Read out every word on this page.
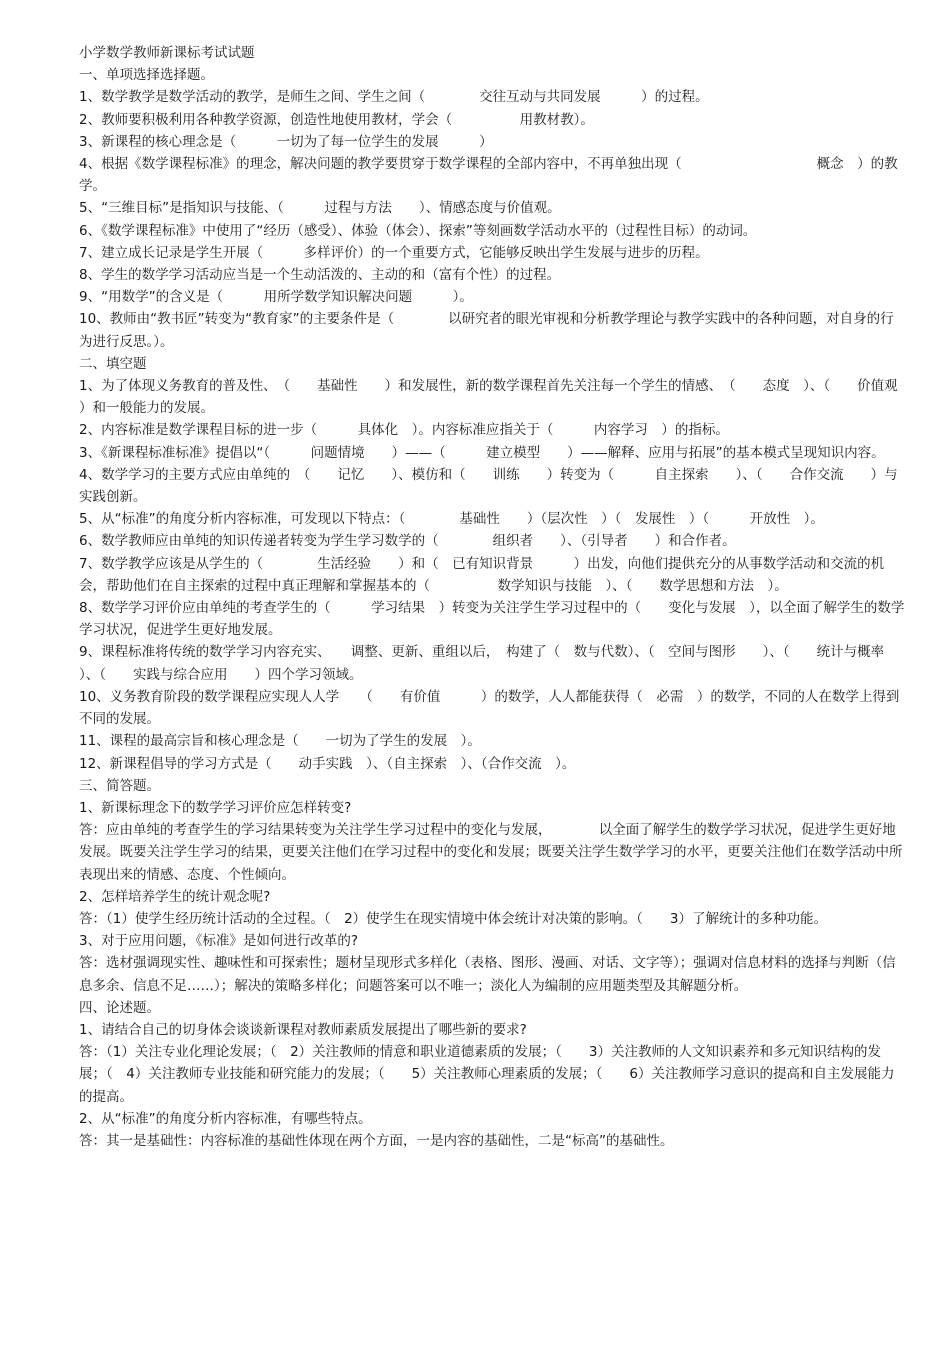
小学数学教师新课标考试试题
一、单项选择选择题。
1、数学教学是数学活动的教学，是师生之间、学生之间（　　　　交往互动与共同发展　　　）的过程。
2、教师要积极利用各种教学资源，创造性地使用教材，学会（　　　　　用教材教）。
3、新课程的核心理念是（　　　一切为了每一位学生的发展　　　）
4、根据《数学课程标准》的理念，解决问题的教学要贯穿于数学课程的全部内容中，不再单独出现（　　　　　　　　　　概念　）的教学。
5、“三维目标”是指知识与技能、（　　　过程与方法　　）、情感态度与价值观。
6、《数学课程标准》中使用了“经历（感受）、体验（体会）、探索”等刻画数学活动水平的（过程性目标）的动词。
7、建立成长记录是学生开展（　　　多样评价）的一个重要方式，它能够反映出学生发展与进步的历程。
8、学生的数学学习活动应当是一个生动活泼的、主动的和（富有个性）的过程。
9、“用数学”的含义是（　　　用所学数学知识解决问题　　　）。
10、教师由“教书匠”转变为“教育家”的主要条件是（　　　　以研究者的眼光审视和分析教学理论与教学实践中的各种问题，对自身的行为进行反思。）。
二、填空题
1、为了体现义务教育的普及性、　（　　基础性　　）和发展性，新的数学课程首先关注每一个学生的情感、　（　　态度　）、（　　价值观　　）和一般能力的发展。
2、内容标准是数学课程目标的进一步（　　　具体化　）。内容标准应指关于（　　　内容学习　）的指标。
3、《新课程标准标准》提倡以“（　　　问题情境　　）——（　　　建立模型　　）——解释、应用与拓展”的基本模式呈现知识内容。
4、数学学习的主要方式应由单纯的　（　　记忆　　）、模仿和（　　训练　　）转变为（　　　自主探索　　）、（　　合作交流　　）与实践创新。
5、从“标准”的角度分析内容标准，可发现以下特点：（　　　　基础性　　）（层次性　）（　发展性　）（　　　开放性　）。
6、数学教师应由单纯的知识传递者转变为学生学习数学的（　　　　组织者　　）、（引导者　　）和合作者。
7、数学教学应该是从学生的（　　　　生活经验　　）和（　已有知识背景　　　）出发，向他们提供充分的从事数学活动和交流的机会，帮助他们在自主探索的过程中真正理解和掌握基本的（　　　　　数学知识与技能　）、（　　数学思想和方法　）。
8、数学学习评价应由单纯的考查学生的（　　　学习结果　）转变为关注学生学习过程中的（　　变化与发展　），以全面了解学生的数学学习状况，促进学生更好地发展。
9、课程标准将传统的数学学习内容充实、　　调整、更新、重组以后，　构建了（　数与代数）、（　空间与图形　　）、（　　统计与概率　　）、（　　实践与综合应用　　）四个学习领域。
10、义务教育阶段的数学课程应实现人人学　　（　　有价值　　　）的数学，人人都能获得（　必需　）的数学，不同的人在数学上得到不同的发展。
11、课程的最高宗旨和核心理念是（　　一切为了学生的发展　）。
12、新课程倡导的学习方式是（　　动手实践　）、（自主探索　）、（合作交流　）。
三、简答题。
1、新课标理念下的数学学习评价应怎样转变?
答：应由单纯的考查学生的学习结果转变为关注学生学习过程中的变化与发展，　　　　以全面了解学生的数学学习状况，促进学生更好地发展。既要关注学生学习的结果，更要关注他们在学习过程中的变化和发展；既要关注学生数学学习的水平，更要关注他们在数学活动中所表现出来的情感、态度、个性倾向。
2、怎样培养学生的统计观念呢?
答：（1）使学生经历统计活动的全过程。（　2）使学生在现实情境中体会统计对决策的影响。（　　3）了解统计的多种功能。
3、对于应用问题，《标准》是如何进行改革的?
答：选材强调现实性、趣味性和可探索性；题材呈现形式多样化（表格、图形、漫画、对话、文字等）；强调对信息材料的选择与判断（信息多余、信息不足……）；解决的策略多样化；问题答案可以不唯一；淡化人为编制的应用题类型及其解题分析。
四、论述题。
1、请结合自己的切身体会谈谈新课程对教师素质发展提出了哪些新的要求?
答：（1）关注专业化理论发展；（　2）关注教师的情意和职业道德素质的发展；（　　3）关注教师的人文知识素养和多元知识结构的发展；（　4）关注教师专业技能和研究能力的发展；（　　5）关注教师心理素质的发展；（　　6）关注教师学习意识的提高和自主发展能力的提高。
2、从“标准”的角度分析内容标准，有哪些特点。
答：其一是基础性：内容标准的基础性体现在两个方面，一是内容的基础性，二是“标高”的基础性。
